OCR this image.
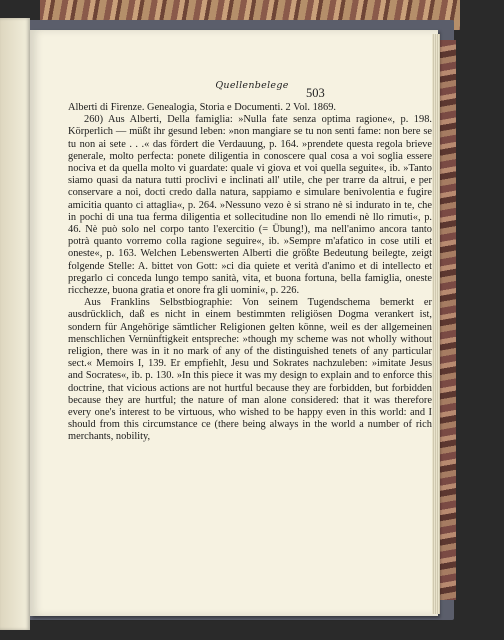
Quellenbelege
503

Alberti di Firenze. Genealogia, Storia e Documenti. 2 Vol. 1869.

260) Aus Alberti, Della famiglia: »Nulla fate senza optima ragione«, p. 198. Körperlich — müßt ihr gesund leben: »non mangiare se tu non senti fame: non bere se tu non ai sete . . .« das fördert die Verdauung, p. 164. »prendete questa regola brieve generale, molto perfecta: ponete diligentia in conoscere qual cosa a voi soglia essere nociva et da quella molto vi guardate: quale vi giova et voi quella seguite«, ib. »Tanto siamo quasi da natura tutti proclivi e inclinati all' utile, che per trarre da altrui, e per conservare a noi, docti credo dalla natura, sappiamo e simulare benivolentia e fugire amicitia quanto ci attaglia«, p. 264. »Nessuno vezo è si strano nè si indurato in te, che in pochi di una tua ferma diligentia et sollecitudine non llo emendi nè llo rimuti«, p. 46. Nè può solo nel corpo tanto l'exercitio (= Übung!), ma nell'animo ancora tanto potrà quanto vorremo colla ragione seguire«, ib. »Sempre m'afatico in cose utili et oneste«, p. 163. Welchen Lebenswerten Alberti die größte Bedeutung beilegte, zeigt folgende Stelle: A. bittet von Gott: »ci dia quiete et verità d'animo et di intellecto et pregarlo ci conceda lungo tempo sanità, vita, et buona fortuna, bella famiglia, oneste ricchezze, buona gratia et onore fra gli uomini«, p. 226.

Aus Franklins Selbstbiographie: Von seinem Tugendschema bemerkt er ausdrücklich, daß es nicht in einem bestimmten religiösen Dogma verankert ist, sondern für Angehörige sämtlicher Religionen gelten könne, weil es der allgemeinen menschlichen Vernünftigkeit entspreche: »though my scheme was not wholly without religion, there was in it no mark of any of the distinguished tenets of any particular sect.« Memoirs I, 139. Er empfiehlt, Jesu und Sokrates nachzuleben: »imitate Jesus and Socrates«, ib. p. 130. »In this piece it was my design to explain and to enforce this doctrine, that vicious actions are not hurtful because they are forbidden, but forbidden because they are hurtful; the nature of man alone considered: that it was therefore every one's interest to be virtuous, who wished to be happy even in this world: and I should from this circumstance ce (there being always in the world a number of rich merchants, nobility,
